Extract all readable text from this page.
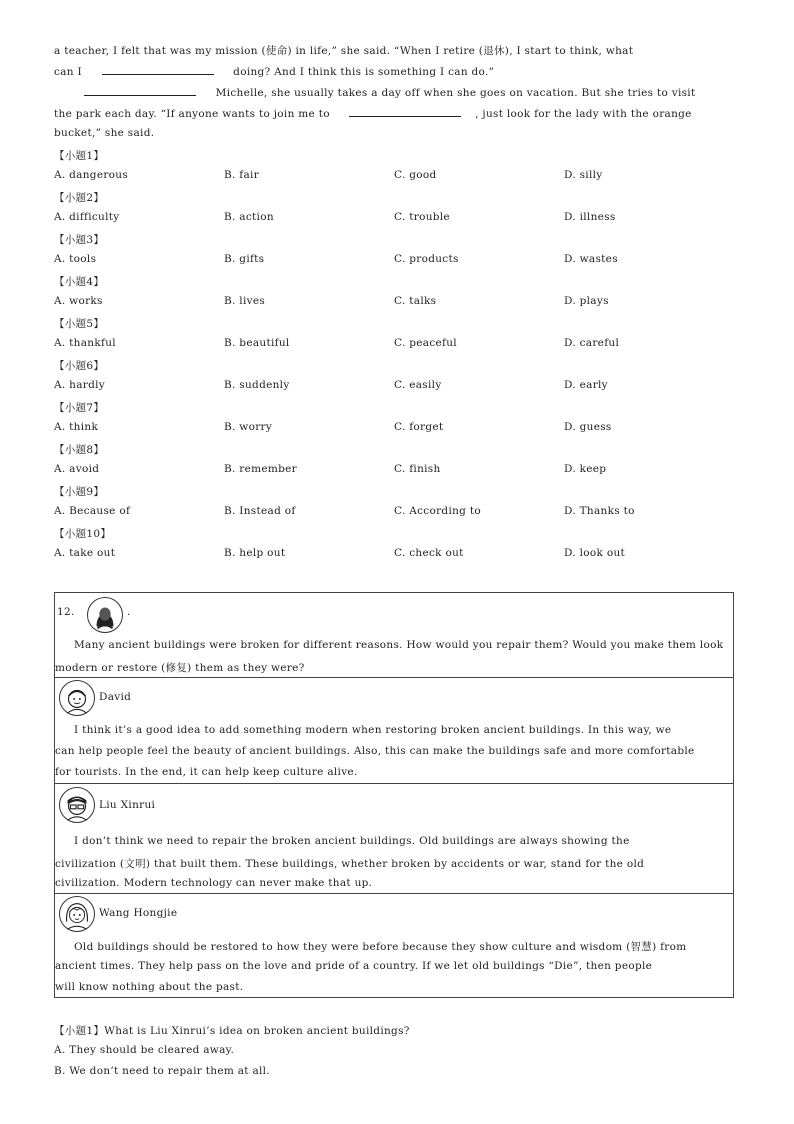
a teacher, I felt that was my mission (使命) in life,” she said. “When I retire (退休), I start to think, what
can I	doing? And I think this is something I can do.”
Michelle, she usually takes a day off when she goes on vacation. But she tries to visit
the park each day. “If anyone wants to join me to	, just look for the lady with the orange
bucket,” she said.
【小题1】
A. dangerous	B. fair	C. good	D. silly
【小题2】
A. difficulty	B. action	C. trouble	D. illness
【小题3】
A. tools	B. gifts	C. products	D. wastes
【小题4】
A. works	B. lives	C. talks	D. plays
【小题5】
A. thankful	B. beautiful	C. peaceful	D. careful
【小题6】
A. hardly	B. suddenly	C. easily	D. early
【小题7】
A. think	B. worry	C. forget	D. guess
【小题8】
A. avoid	B. remember	C. finish	D. keep
【小题9】
A. Because of	B. Instead of	C. According to	D. Thanks to
【小题10】
A. take out	B. help out	C. check out	D. look out
12.	.
Many ancient buildings were broken for different reasons. How would you repair them? Would you make them look
modern or restore (修复) them as they were?
David
I think it’s a good idea to add something modern when restoring broken ancient buildings. In this way, we
can help people feel the beauty of ancient buildings. Also, this can make the buildings safe and more comfortable
for tourists. In the end, it can help keep culture alive.
Liu Xinrui
I don’t think we need to repair the broken ancient buildings. Old buildings are always showing the
civilization (文明) that built them. These buildings, whether broken by accidents or war, stand for the old
civilization. Modern technology can never make that up.
Wang Hongjie
Old buildings should be restored to how they were before because they show culture and wisdom (智慧) from
ancient times. They help pass on the love and pride of a country. If we let old buildings “Die”, then people
will know nothing about the past.
【小题1】What is Liu Xinrui’s idea on broken ancient buildings?
A. They should be cleared away.
B. We don’t need to repair them at all.
